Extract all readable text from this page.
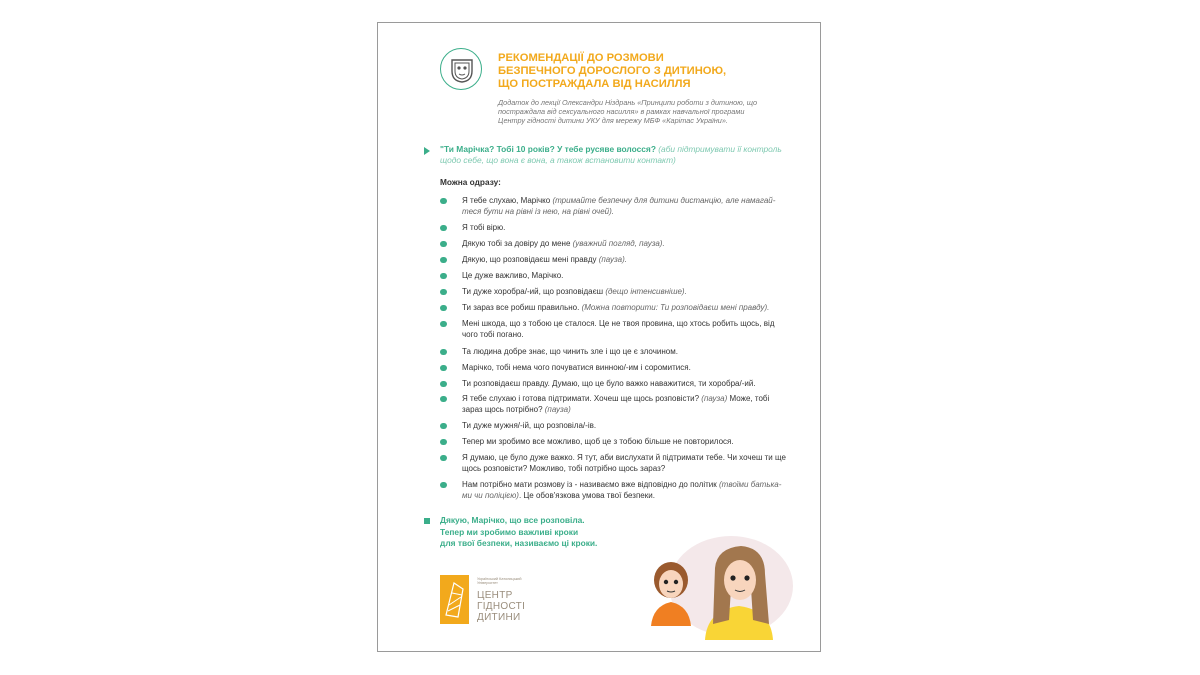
РЕКОМЕНДАЦІЇ ДО РОЗМОВИ
БЕЗПЕЧНОГО ДОРОСЛОГО З ДИТИНОЮ,
ЩО ПОСТРАЖДАЛА ВІД НАСИЛЛЯ
Додаток до лекції Олександри Ніздрань «Принципи роботи з дитиною, що
постраждала від сексуального насилля» в рамках навчальної програми
Центру гідності дитини УКУ для мережу МБФ «Карітас України».
"Ти Марічка? Тобі 10 років? У тебе русяве волосся? (аби підтримувати її контроль
щодо себе, що вона є вона, а також встановити контакт)
Можна одразу:
Я тебе слухаю, Марічко (тримайте безпечну для дитини дистанцію, але намагай-
теся бути на рівні із нею, на рівні очей).
Я тобі вірю.
Дякую тобі за довіру до мене (уважний погляд, пауза).
Дякую, що розповідаєш мені правду (пауза).
Це дуже важливо, Марічко.
Ти дуже хоробра/-ий, що розповідаєш (дещо інтенсивніше).
Ти зараз все робиш правильно. (Можна повторити: Ти розповідаєш мені правду).
Мені шкода, що з тобою це сталося. Це не твоя провина, що хтось робить щось, від
чого тобі погано.
Та людина добре знає, що чинить зле і що це є злочином.
Марічко, тобі нема чого почуватися винною/-им і соромитися.
Ти розповідаєш правду. Думаю, що це було важко наважитися, ти хоробра/-ий.
Я тебе слухаю і готова підтримати. Хочеш ще щось розповісти? (пауза) Може, тобі
зараз щось потрібно? (пауза)
Ти дуже мужня/-ій, що розповіла/-ів.
Тепер ми зробимо все можливо, щоб це з тобою більше не повторилося.
Я думаю, це було дуже важко. Я тут, аби вислухати й підтримати тебе. Чи хочеш ти ще
щось розповісти? Можливо, тобі потрібно щось зараз?
Нам потрібно мати розмову із - називаємо вже відповідно до політик (твоїми батька-
ми чи поліцією). Це обов'язкова умова твої безпеки.
Дякую, Марічко, що все розповіла.
Тепер ми зробимо важливі кроки
для твої безпеки, називаємо ці кроки.
Український Католицький
Університет
ЦЕНТР
ГІДНОСТІ
ДИТИНИ
